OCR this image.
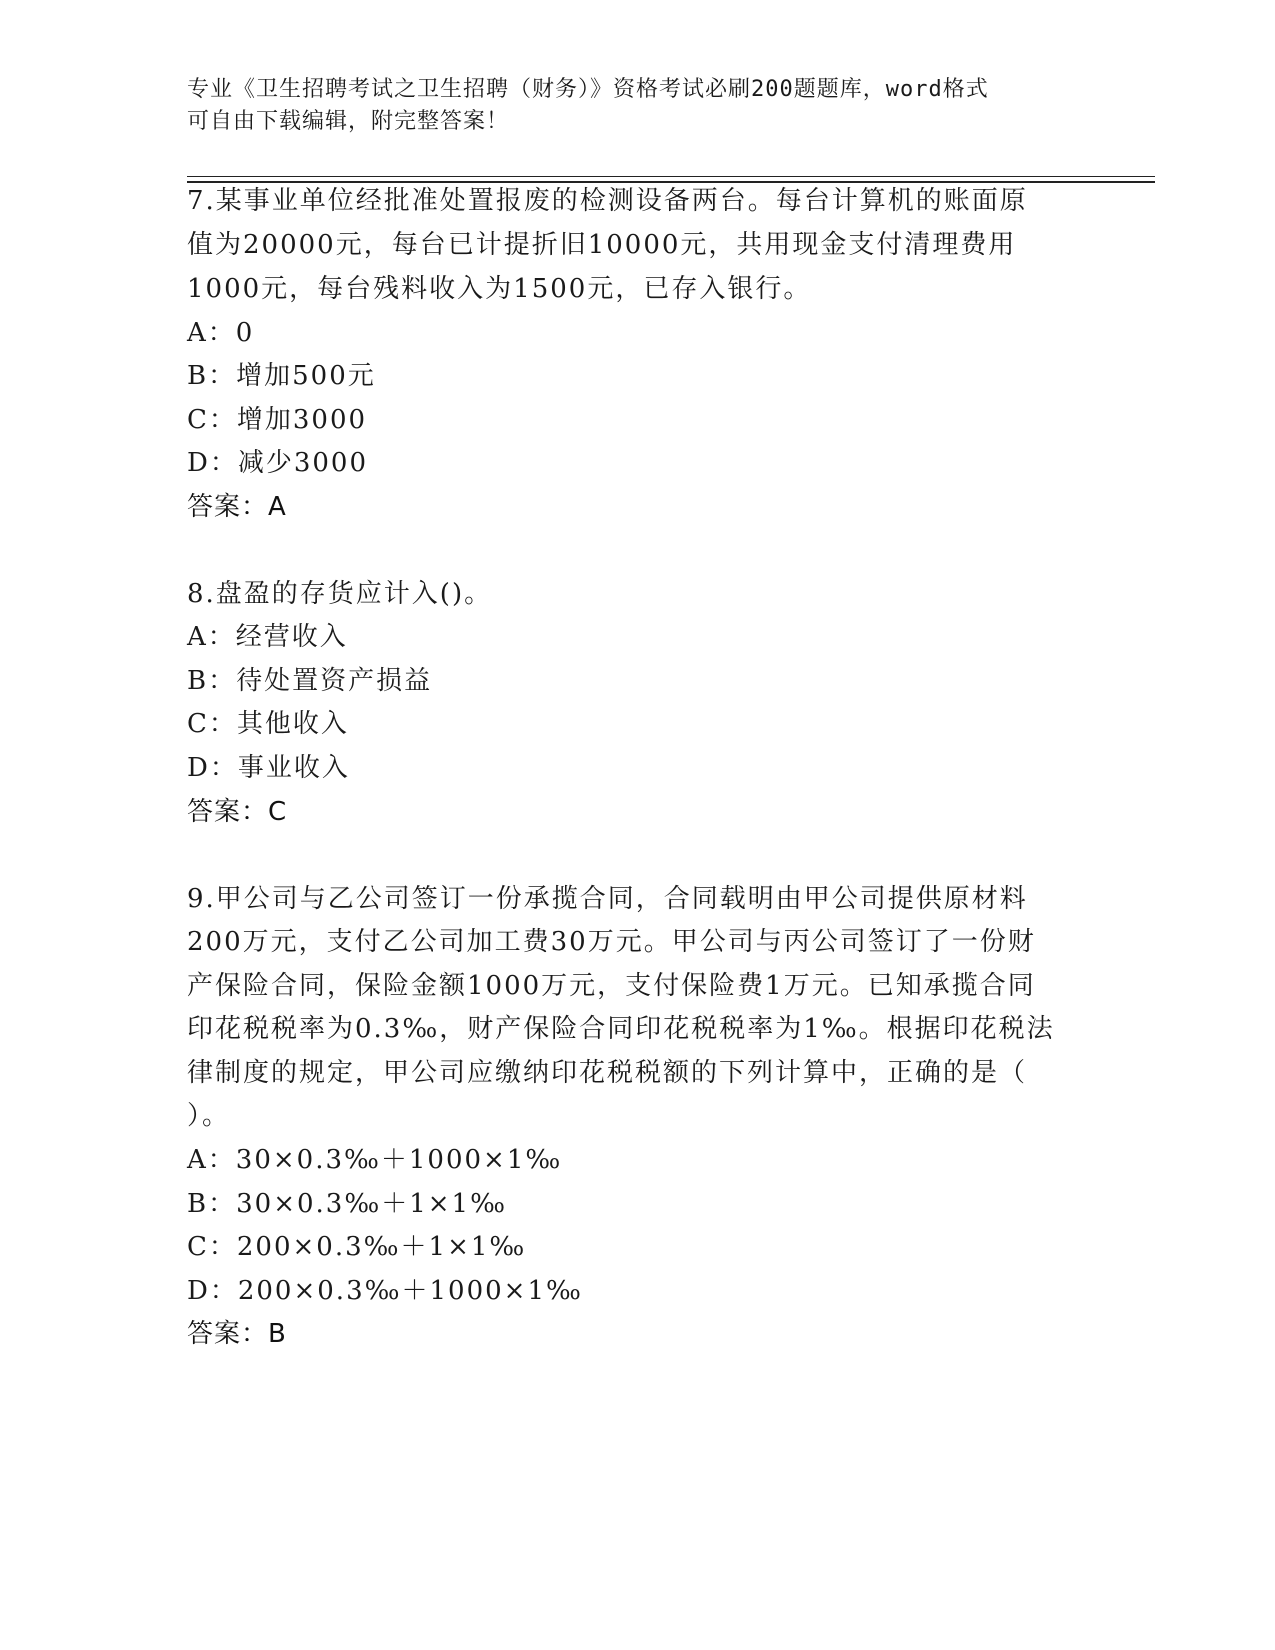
专业《卫生招聘考试之卫生招聘（财务）》资格考试必刷200题题库，word格式
可自由下载编辑，附完整答案！
7.某事业单位经批准处置报废的检测设备两台。每台计算机的账面原
值为20000元，每台已计提折旧10000元，共用现金支付清理费用
1000元，每台残料收入为1500元，已存入银行。
A：0
B：增加500元
C：增加3000
D：减少3000
答案：A
8.盘盈的存货应计入()。
A：经营收入
B：待处置资产损益
C：其他收入
D：事业收入
答案：C
9.甲公司与乙公司签订一份承揽合同，合同载明由甲公司提供原材料
200万元，支付乙公司加工费30万元。甲公司与丙公司签订了一份财
产保险合同，保险金额1000万元，支付保险费1万元。已知承揽合同
印花税税率为0.3‰，财产保险合同印花税税率为1‰。根据印花税法
律制度的规定，甲公司应缴纳印花税税额的下列计算中，正确的是（
）。
A：30×0.3‰＋1000×1‰
B：30×0.3‰＋1×1‰
C：200×0.3‰＋1×1‰
D：200×0.3‰＋1000×1‰
答案：B
